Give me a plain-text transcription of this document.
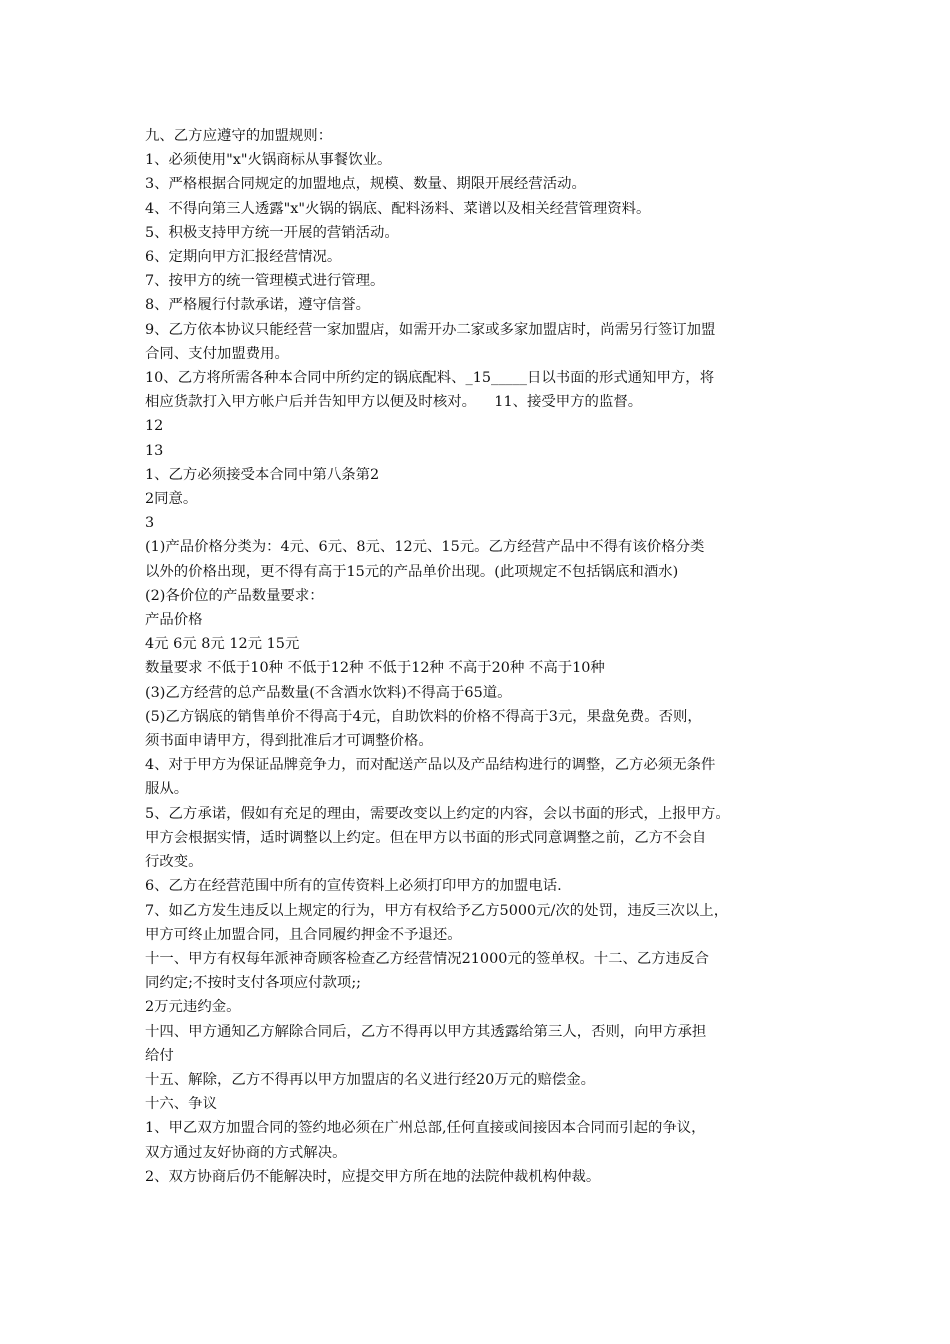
九、乙方应遵守的加盟规则：

1、必须使用"x"火锅商标从事餐饮业。

3、严格根据合同规定的加盟地点，规模、数量、期限开展经营活动。

4、不得向第三人透露"x"火锅的锅底、配料汤料、菜谱以及相关经营管理资料。

5、积极支持甲方统一开展的营销活动。

6、定期向甲方汇报经营情况。

7、按甲方的统一管理模式进行管理。

8、严格履行付款承诺，遵守信誉。

9、乙方依本协议只能经营一家加盟店，如需开办二家或多家加盟店时，尚需另行签订加盟

合同、支付加盟费用。

10、乙方将所需各种本合同中所约定的锅底配料、_15_____日以书面的形式通知甲方，将

相应货款打入甲方帐户后并告知甲方以便及时核对。    11、接受甲方的监督。

12

13

1、乙方必须接受本合同中第八条第2

2同意。

3

(1)产品价格分类为：4元、6元、8元、12元、15元。乙方经营产品中不得有该价格分类

以外的价格出现，更不得有高于15元的产品单价出现。(此项规定不包括锅底和酒水)

(2)各价位的产品数量要求：

产品价格

4元 6元 8元 12元 15元

数量要求 不低于10种 不低于12种 不低于12种 不高于20种 不高于10种

(3)乙方经营的总产品数量(不含酒水饮料)不得高于65道。

(5)乙方锅底的销售单价不得高于4元，自助饮料的价格不得高于3元，果盘免费。否则，

须书面申请甲方，得到批准后才可调整价格。

4、对于甲方为保证品牌竞争力，而对配送产品以及产品结构进行的调整，乙方必须无条件

服从。

5、乙方承诺，假如有充足的理由，需要改变以上约定的内容，会以书面的形式，上报甲方。

甲方会根据实情，适时调整以上约定。但在甲方以书面的形式同意调整之前，乙方不会自

行改变。

6、乙方在经营范围中所有的宣传资料上必须打印甲方的加盟电话.

7、如乙方发生违反以上规定的行为，甲方有权给予乙方5000元/次的处罚，违反三次以上，

甲方可终止加盟合同，且合同履约押金不予退还。

十一、甲方有权每年派神奇顾客检查乙方经营情况21000元的签单权。十二、乙方违反合

同约定;不按时支付各项应付款项;;

2万元违约金。

十四、甲方通知乙方解除合同后，乙方不得再以甲方其透露给第三人，否则，向甲方承担

给付

十五、解除，乙方不得再以甲方加盟店的名义进行经20万元的赔偿金。

十六、争议

1、甲乙双方加盟合同的签约地必须在广州总部,任何直接或间接因本合同而引起的争议，

双方通过友好协商的方式解决。

2、双方协商后仍不能解决时，应提交甲方所在地的法院仲裁机构仲裁。
